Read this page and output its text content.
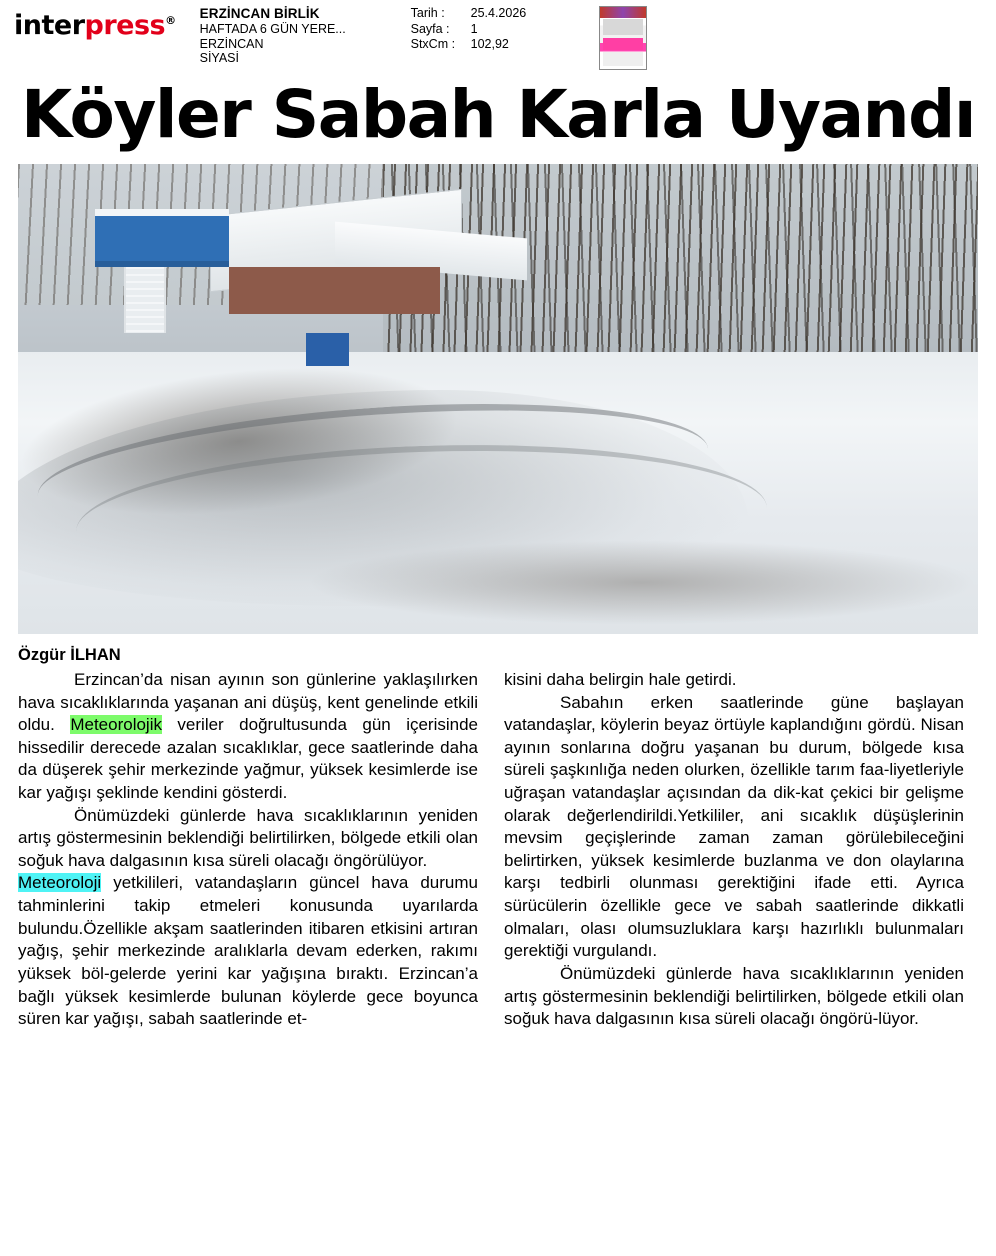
interpress® ERZİNCAN BİRLİK
HAFTADA 6 GÜN YERE...
ERZİNCAN
SİYASİ
Tarih :	25.4.2026
Sayfa :	1
StxCm :	102,92
Köyler Sabah Karla Uyandı
Özgür İLHAN

Erzincan’da nisan ayının son günlerine yaklaşılırken hava sıcaklıklarında yaşanan ani düşüş, kent genelinde etkili oldu. Meteorolojik veriler doğrultusunda gün içerisinde hissedilir derecede azalan sıcaklıklar, gece saatlerinde daha da düşerek şehir merkezinde yağmur, yüksek kesimlerde ise kar yağışı şeklinde kendini gösterdi.

Önümüzdeki günlerde hava sıcaklıklarının yeniden artış göstermesinin beklendiği belirtilirken, bölgede etkili olan soğuk hava dalgasının kısa süreli olacağı öngörülüyor.

Meteoroloji yetkilileri, vatandaşların güncel hava durumu tahminlerini takip etmeleri konusunda uyarılarda bulundu.Özellikle akşam saatlerinden itibaren etkisini artıran yağış, şehir merkezinde aralıklarla devam ederken, rakımı yüksek böl-gelerde yerini kar yağışına bıraktı. Erzincan’a bağlı yüksek kesimlerde bulunan köylerde gece boyunca süren kar yağışı, sabah saatlerinde et-

kisini daha belirgin hale getirdi.

Sabahın erken saatlerinde güne başlayan vatandaşlar, köylerin beyaz örtüyle kaplandığını gördü. Nisan ayının sonlarına doğru yaşanan bu durum, bölgede kısa süreli şaşkınlığa neden olurken, özellikle tarım faa-liyetleriyle uğraşan vatandaşlar açısından da dik-kat çekici bir gelişme olarak değerlendirildi.Yetkililer, ani sıcaklık düşüşlerinin mevsim geçişlerinde zaman zaman görülebileceğini belirtirken, yüksek kesimlerde buzlanma ve don olaylarına karşı tedbirli olunması gerektiğini ifade etti. Ayrıca sürücülerin özellikle gece ve sabah saatlerinde dikkatli olmaları, olası olumsuzluklara karşı hazırlıklı bulunmaları gerektiği vurgulandı.

Önümüzdeki günlerde hava sıcaklıklarının yeniden artış göstermesinin beklendiği belirtilirken, bölgede etkili olan soğuk hava dalgasının kısa süreli olacağı öngörü-lüyor.
